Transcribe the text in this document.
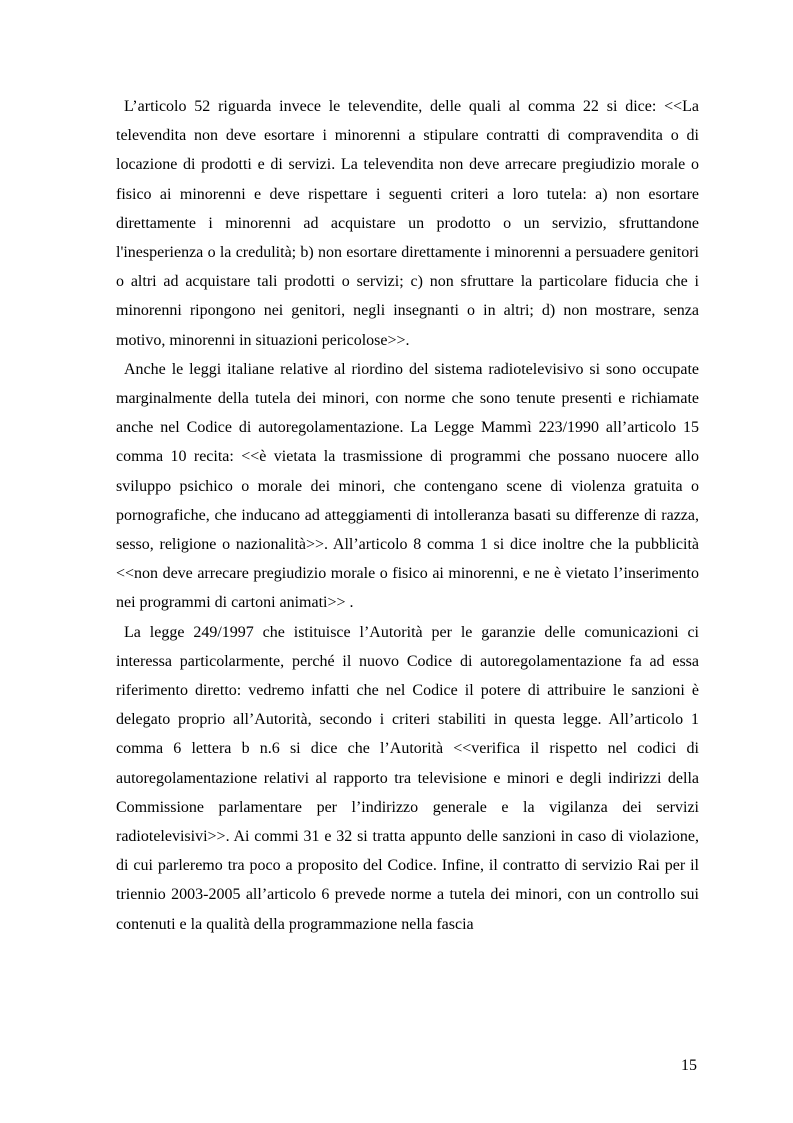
L’articolo 52 riguarda invece le televendite, delle quali al comma 22 si dice: <<La televendita non deve esortare i minorenni a stipulare contratti di compravendita o di locazione di prodotti e di servizi. La televendita non deve arrecare pregiudizio morale o fisico ai minorenni e deve rispettare i seguenti criteri a loro tutela: a) non esortare direttamente i minorenni ad acquistare un prodotto o un servizio, sfruttandone l'inesperienza o la credulità; b) non esortare direttamente i minorenni a persuadere genitori o altri ad acquistare tali prodotti o servizi; c) non sfruttare la particolare fiducia che i minorenni ripongono nei genitori, negli insegnanti o in altri; d) non mostrare, senza motivo, minorenni in situazioni pericolose>>.

Anche le leggi italiane relative al riordino del sistema radiotelevisivo si sono occupate marginalmente della tutela dei minori, con norme che sono tenute presenti e richiamate anche nel Codice di autoregolamentazione. La Legge Mammì 223/1990 all’articolo 15 comma 10 recita: <<è vietata la trasmissione di programmi che possano nuocere allo sviluppo psichico o morale dei minori, che contengano scene di violenza gratuita o pornografiche, che inducano ad atteggiamenti di intolleranza basati su differenze di razza, sesso, religione o nazionalità>>. All’articolo 8 comma 1 si dice inoltre che la pubblicità <<non deve arrecare pregiudizio morale o fisico ai minorenni, e ne è vietato l’inserimento nei programmi di cartoni animati>> .

La legge 249/1997 che istituisce l’Autorità per le garanzie delle comunicazioni ci interessa particolarmente, perché il nuovo Codice di autoregolamentazione fa ad essa riferimento diretto: vedremo infatti che nel Codice il potere di attribuire le sanzioni è delegato proprio all’Autorità, secondo i criteri stabiliti in questa legge. All’articolo 1 comma 6 lettera b n.6 si dice che l’Autorità <<verifica il rispetto nel codici di autoregolamentazione relativi al rapporto tra televisione e minori e degli indirizzi della Commissione parlamentare per l’indirizzo generale e la vigilanza dei servizi radiotelevisivi>>. Ai commi 31 e 32 si tratta appunto delle sanzioni in caso di violazione, di cui parleremo tra poco a proposito del Codice. Infine, il contratto di servizio Rai per il triennio 2003-2005 all’articolo 6 prevede norme a tutela dei minori, con un controllo sui contenuti e la qualità della programmazione nella fascia

15
